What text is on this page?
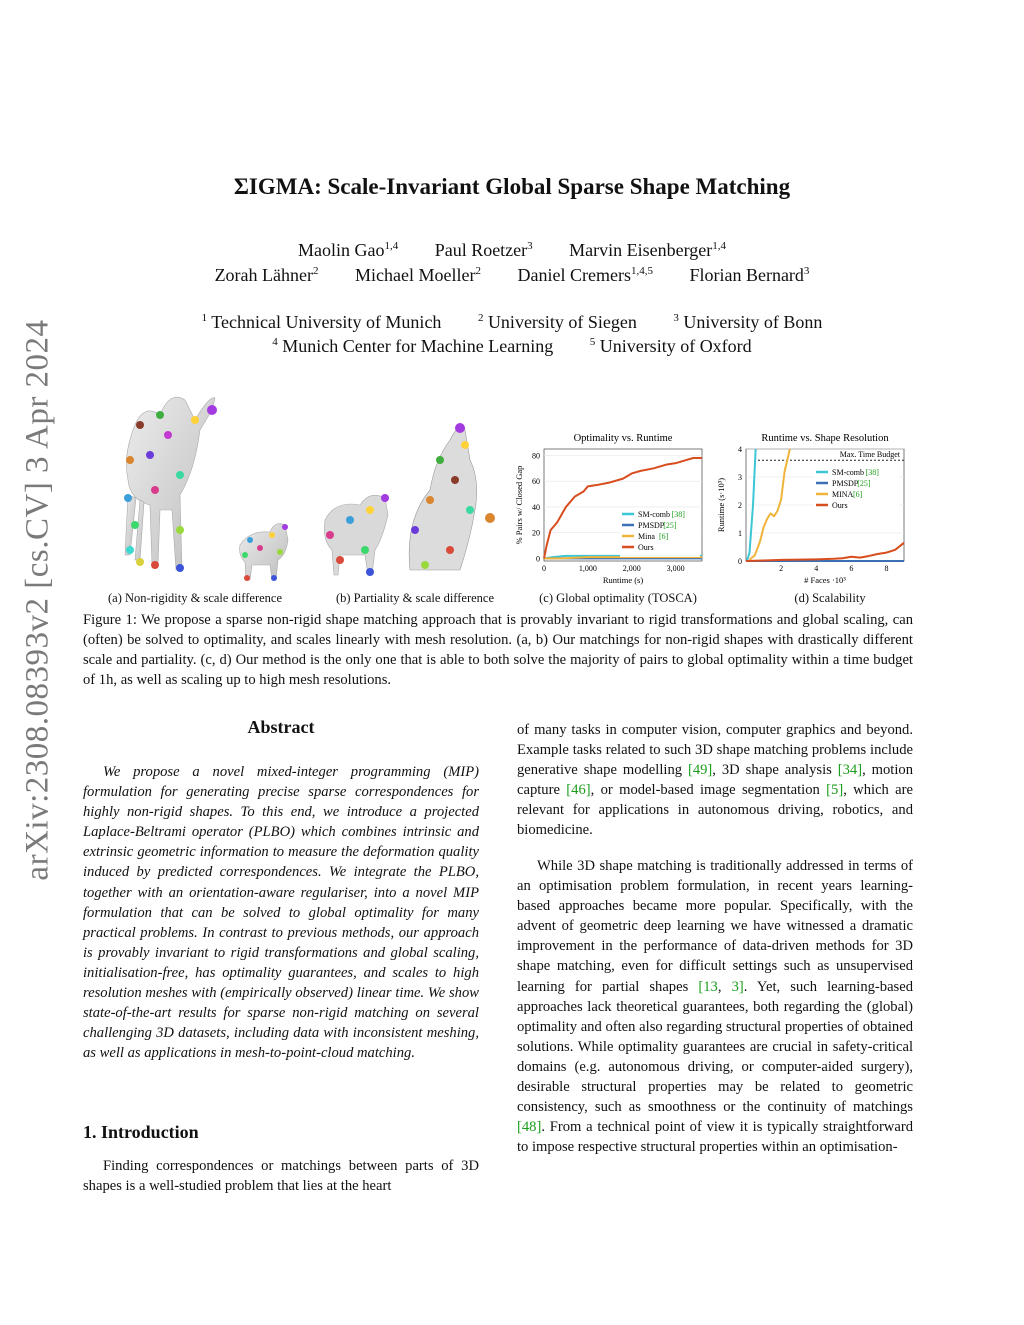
arXiv:2308.08393v2 [cs.CV] 3 Apr 2024
ΣIGMA: Scale-Invariant Global Sparse Shape Matching
Maolin Gao$^{1,4}$ Paul Roetzer$^3$ Marvin Eisenberger$^{1,4}$
Zorah Lähner$^2$ Michael Moeller$^2$ Daniel Cremers$^{1,4,5}$ Florian Bernard$^3$
$^1$ Technical University of Munich	$^2$ University of Siegen	$^3$ University of Bonn
$^4$ Munich Center for Machine Learning	$^5$ University of Oxford
Optimality vs. Runtime
0
20
40
60
80
0	1,000	2,000	3,000
Runtime (s)
% Pairs w/ Closed Gap	SM-comb [38]
PMSDP
[25]
Mina [6]
Ours
Runtime vs. Shape Resolution
0
1
2
3
4
2	4	6	8
# Faces ·10³
Runtime (s·10³)
Max. Time Budget
SM-comb [38]
PMSDP
[25]
MINA [6]
Ours
(a) Non-rigidity & scale difference	(b) Partiality & scale difference	(c) Global optimality (TOSCA)	(d) Scalability
Figure 1: We propose a sparse non-rigid shape matching approach that is provably invariant to rigid transformations and global scaling, can (often) be solved to optimality, and scales linearly with mesh resolution. (a, b) Our matchings for non-rigid shapes with drastically different scale and partiality. (c, d) Our method is the only one that is able to both solve the majority of pairs to global optimality within a time budget of 1h, as well as scaling up to high mesh resolutions.
Abstract

We propose a novel mixed-integer programming (MIP) formulation for generating precise sparse correspondences for highly non-rigid shapes. To this end, we introduce a projected Laplace-Beltrami operator (PLBO) which combines intrinsic and extrinsic geometric information to measure the deformation quality induced by predicted correspondences. We integrate the PLBO, together with an orientation-aware regulariser, into a novel MIP formulation that can be solved to global optimality for many practical problems. In contrast to previous methods, our approach is provably invariant to rigid transformations and global scaling, initialisation-free, has optimality guarantees, and scales to high resolution meshes with (empirically observed) linear time. We show state-of-the-art results for sparse non-rigid matching on several challenging 3D datasets, including data with inconsistent meshing, as well as applications in mesh-to-point-cloud matching.

1. Introduction

Finding correspondences or matchings between parts of 3D shapes is a well-studied problem that lies at the heart

of many tasks in computer vision, computer graphics and beyond. Example tasks related to such 3D shape matching problems include generative shape modelling [49], 3D shape analysis [34], motion capture [46], or model-based image segmentation [5], which are relevant for applications in autonomous driving, robotics, and biomedicine.

While 3D shape matching is traditionally addressed in terms of an optimisation problem formulation, in recent years learning-based approaches became more popular. Specifically, with the advent of geometric deep learning we have witnessed a dramatic improvement in the performance of data-driven methods for 3D shape matching, even for difficult settings such as unsupervised learning for partial shapes [13, 3]. Yet, such learning-based approaches lack theoretical guarantees, both regarding the (global) optimality and often also regarding structural properties of obtained solutions. While optimality guarantees are crucial in safety-critical domains (e.g. autonomous driving, or computer-aided surgery), desirable structural properties may be related to geometric consistency, such as smoothness or the continuity of matchings [48]. From a technical point of view it is typically straightforward to impose respective structural properties within an optimisation-
